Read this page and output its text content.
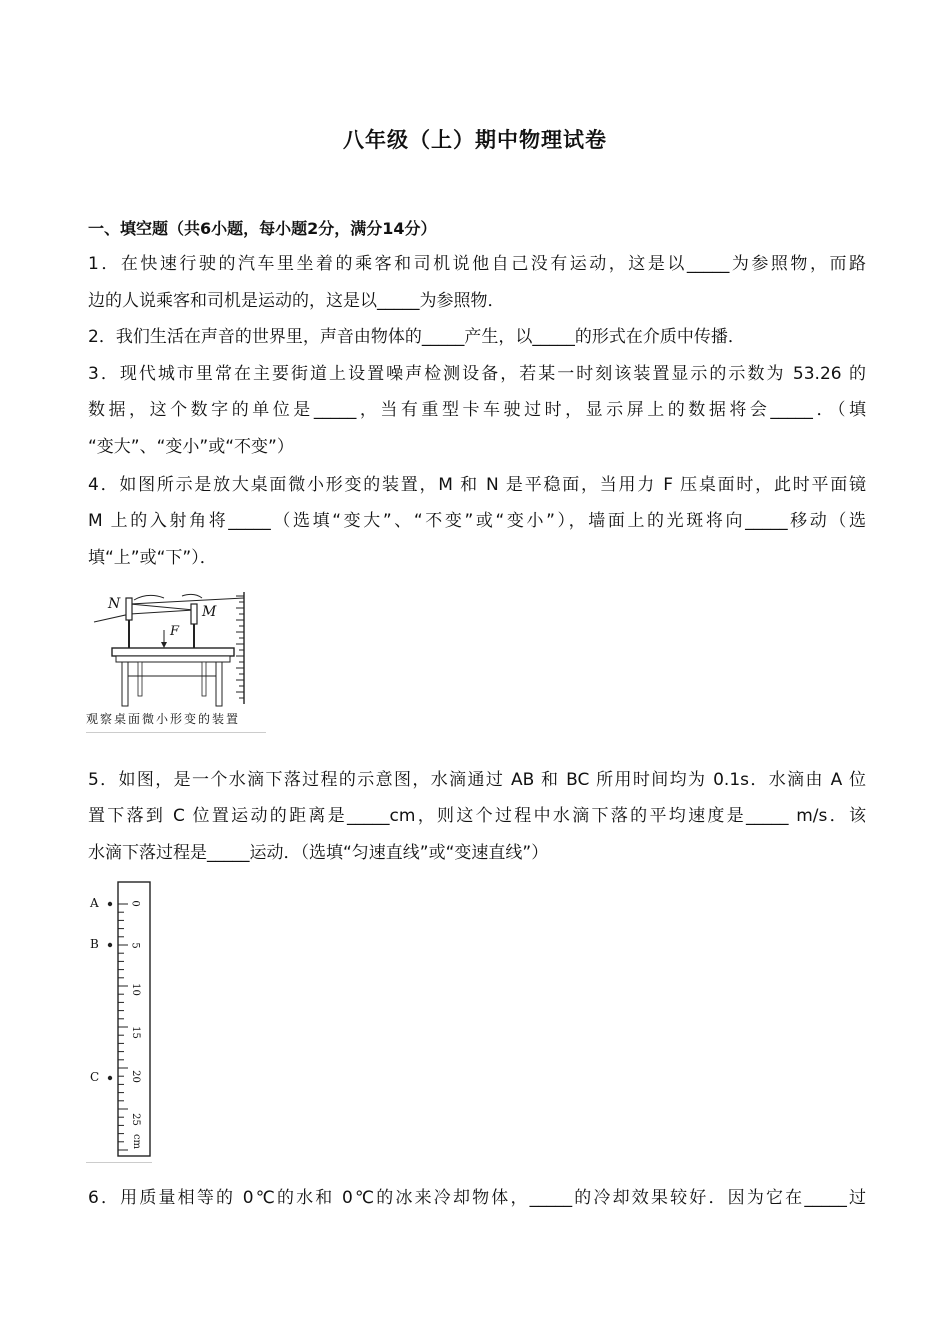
八年级（上）期中物理试卷
一、填空题（共6小题，每小题2分，满分14分）
1．在快速行驶的汽车里坐着的乘客和司机说他自己没有运动，这是以_____为参照物，而路
边的人说乘客和司机是运动的，这是以_____为参照物．
2．我们生活在声音的世界里，声音由物体的_____产生，以_____的形式在介质中传播．
3．现代城市里常在主要街道上设置噪声检测设备，若某一时刻该装置显示的示数为 53.26 的
数据，这个数字的单位是_____，当有重型卡车驶过时，显示屏上的数据将会_____．（填
“变大”、“变小”或“不变”）
4．如图所示是放大桌面微小形变的装置，M 和 N 是平稳面，当用力 F 压桌面时，此时平面镜
M 上的入射角将_____（选填“变大”、“不变”或“变小”），墙面上的光斑将向_____移动（选
填“上”或“下”）．
N	M
F
观察桌面微小形变的装置
5．如图，是一个水滴下落过程的示意图，水滴通过 AB 和 BC 所用时间均为 0.1s．水滴由 A 位
置下落到 C 位置运动的距离是_____cm，则这个过程中水滴下落的平均速度是_____ m/s．该
水滴下落过程是_____运动．（选填“匀速直线”或“变速直线”）
A
B
C
0
5
10
15
20
25
cm
6．用质量相等的 0℃的水和 0℃的冰来冷却物体，_____的冷却效果较好．因为它在_____过
